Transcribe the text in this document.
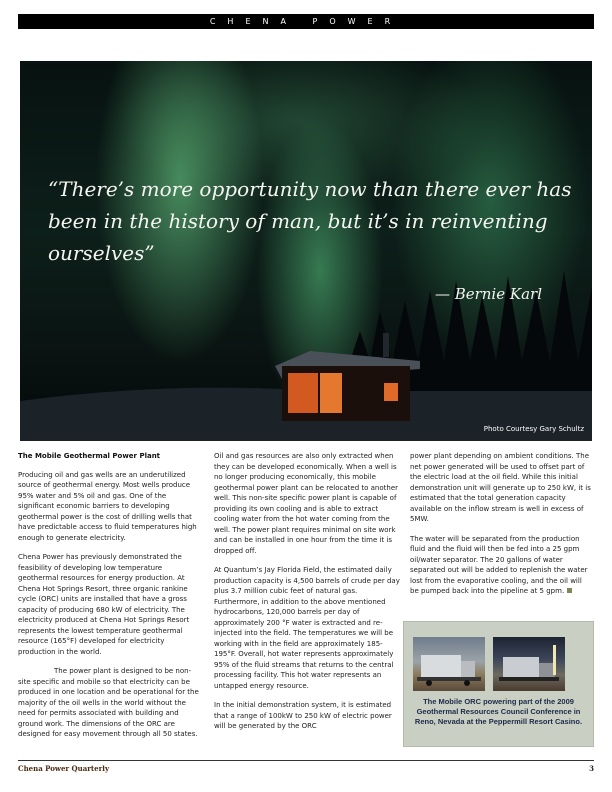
CHENA POWER
“There’s more opportunity now than there ever has been in the history of man, but it’s in reinventing ourselves”
— Bernie Karl
Photo Courtesy Gary Schultz
The Mobile Geothermal Power Plant

Producing oil and gas wells are an underutilized source of geothermal energy. Most wells produce 95% water and 5% oil and gas. One of the significant economic barriers to developing geothermal power is the cost of drilling wells that have predictable access to fluid temperatures high enough to generate electricity.

Chena Power has previously demonstrated the feasibility of developing low temperature geothermal resources for energy production. At Chena Hot Springs Resort, three organic rankine cycle (ORC) units are installed that have a gross capacity of producing 680 kW of electricity. The electricity produced at Chena Hot Springs Resort represents the lowest temperature geothermal resource (165°F) developed for electricity production in the world.

The power plant is designed to be non-site specific and mobile so that electricity can be produced in one location and be operational for the majority of the oil wells in the world without the need for permits associated with building and ground work. The dimensions of the ORC are designed for easy movement through all 50 states.

Oil and gas resources are also only extracted when they can be developed economically. When a well is no longer producing economically, this mobile geothermal power plant can be relocated to another well. This non-site specific power plant is capable of providing its own cooling and is able to extract cooling water from the hot water coming from the well. The power plant requires minimal on site work and can be installed in one hour from the time it is dropped off.

At Quantum’s Jay Florida Field, the estimated daily production capacity is 4,500 barrels of crude per day plus 3.7 million cubic feet of natural gas. Furthermore, in addition to the above mentioned hydrocarbons, 120,000 barrels per day of approximately 200 °F water is extracted and re-injected into the field. The temperatures we will be working with in the field are approximately 185-195°F. Overall, hot water represents approximately 95% of the fluid streams that returns to the central processing facility. This hot water represents an untapped energy resource.

In the initial demonstration system, it is estimated that a range of 100kW to 250 kW of electric power will be generated by the ORC

power plant depending on ambient conditions. The net power generated will be used to offset part of the electric load at the oil field. While this initial demonstration unit will generate up to 250 kW, it is estimated that the total generation capacity available on the inflow stream is well in excess of 5MW.

The water will be separated from the production fluid and the fluid will then be fed into a 25 gpm oil/water separator. The 20 gallons of water separated out will be added to replenish the water lost from the evaporative cooling, and the oil will be pumped back into the pipeline at 5 gpm.

The Mobile ORC powering part of the 2009 Geothermal Resources Council Conference in Reno, Nevada at the Peppermill Resort Casino.
Chena Power Quarterly	3
